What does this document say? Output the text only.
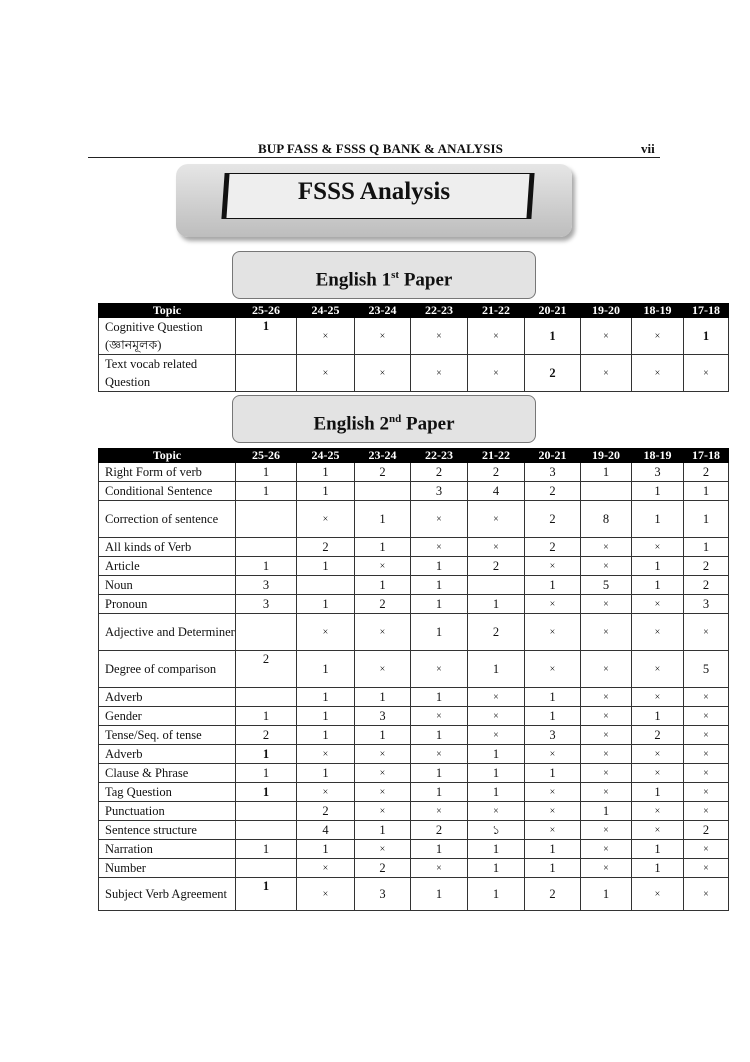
BUP FASS & FSSS Q BANK & ANALYSIS	vii
FSSS Analysis
English 1st Paper
Topic	25-26	24-25	23-24	22-23	21-22	20-21	19-20	18-19	17-18
Cognitive Question (জ্ঞানমূলক)	1	×	×	×	×	1	×	×	1
Text vocab related Question		×	×	×	×	2	×	×	×
English 2nd Paper
Topic	25-26	24-25	23-24	22-23	21-22	20-21	19-20	18-19	17-18
Right Form of verb	1	1	2	2	2	3	1	3	2
Conditional Sentence	1	1		3	4	2		1	1
Correction of sentence		×	1	×	×	2	8	1	1
All kinds of Verb		2	1	×	×	2	×	×	1
Article	1	1	×	1	2	×	×	1	2
Noun	3		1	1		1	5	1	2
Pronoun	3	1	2	1	1	×	×	×	3
Adjective and Determiner		×	×	1	2	×	×	×	×
Degree of comparison	2	1	×	×	1	×	×	×	5
Adverb		1	1	1	×	1	×	×	×
Gender	1	1	3	×	×	1	×	1	×
Tense/Seq. of tense	2	1	1	1	×	3	×	2	×
Adverb	1	×	×	×	1	×	×	×	×
Clause & Phrase	1	1	×	1	1	1	×	×	×
Tag Question	1	×	×	1	1	×	×	1	×
Punctuation		2	×	×	×	×	1	×	×
Sentence structure		4	1	2	১	×	×	×	2
Narration	1	1	×	1	1	1	×	1	×
Number		×	2	×	1	1	×	1	×
Subject Verb Agreement	1	×	3	1	1	2	1	×	×
